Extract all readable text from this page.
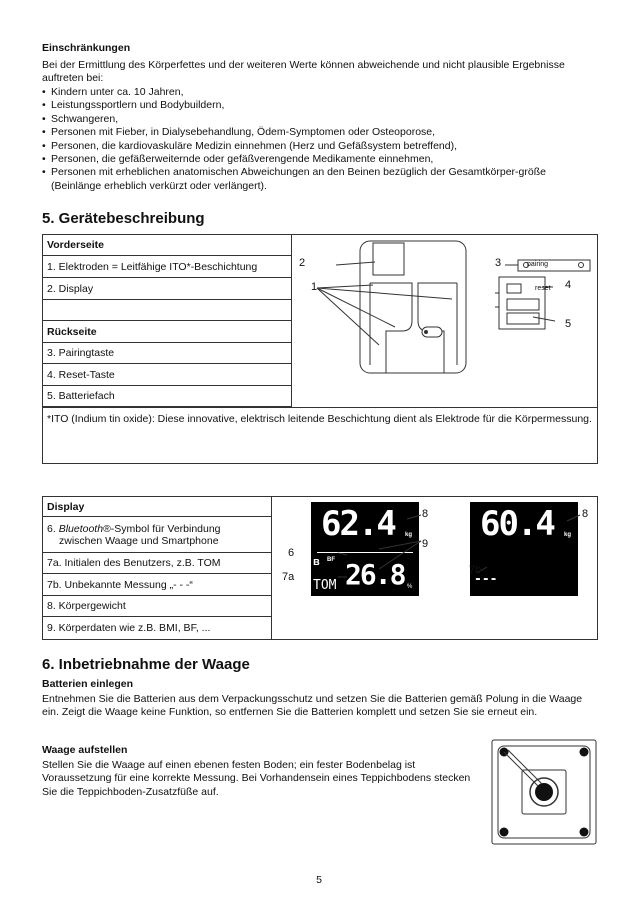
Einschränkungen
Bei der Ermittlung des Körperfettes und der weiteren Werte können abweichende und nicht plausible Ergebnisse auftreten bei:
• Kindern unter ca. 10 Jahren,
• Leistungssportlern und Bodybuildern,
• Schwangeren,
• Personen mit Fieber, in Dialysebehandlung, Ödem-Symptomen oder Osteoporose,
• Personen, die kardiovaskuläre Medizin einnehmen (Herz und Gefäßsystem betreffend),
• Personen, die gefäßerweiternde oder gefäßverengende Medikamente einnehmen,
• Personen mit erheblichen anatomischen Abweichungen an den Beinen bezüglich der Gesamtkörper-größe (Beinlänge erheblich verkürzt oder verlängert).
5. Gerätebeschreibung
Vorderseite
1. Elektroden = Leitfähige ITO*-Beschichtung
2. Display
Rückseite
3. Pairingtaste
4. Reset-Taste
5. Batteriefach
*ITO (Indium tin oxide): Diese innovative, elektrisch leitende Beschichtung dient als Elektrode für die Körpermessung.
1
2	pairing
reset
3
4
5
Display
6. Bluetooth®-Symbol für Verbindung
zwischen Waage und Smartphone
7a. Initialen des Benutzers, z.B. TOM
7b. Unbekannte Messung „- - -“
8. Körpergewicht
9. Körperdaten wie z.B. BMI, BF, ...
62.4 kg
ʙ BF 26.8 %
TOM
8
9
6
7a
60.4 kg
---
8
7b
6. Inbetriebnahme der Waage
Batterien einlegen
Entnehmen Sie die Batterien aus dem Verpackungsschutz und setzen Sie die Batterien gemäß Polung in die Waage ein. Zeigt die Waage keine Funktion, so entfernen Sie die Batterien komplett und setzen Sie sie erneut ein.
Waage aufstellen
Stellen Sie die Waage auf einen ebenen festen Boden; ein fester Bodenbelag ist Voraussetzung für eine korrekte Messung. Bei Vorhandensein eines Teppichbodens stecken Sie die Teppichboden-Zusatzfüße auf.
5
